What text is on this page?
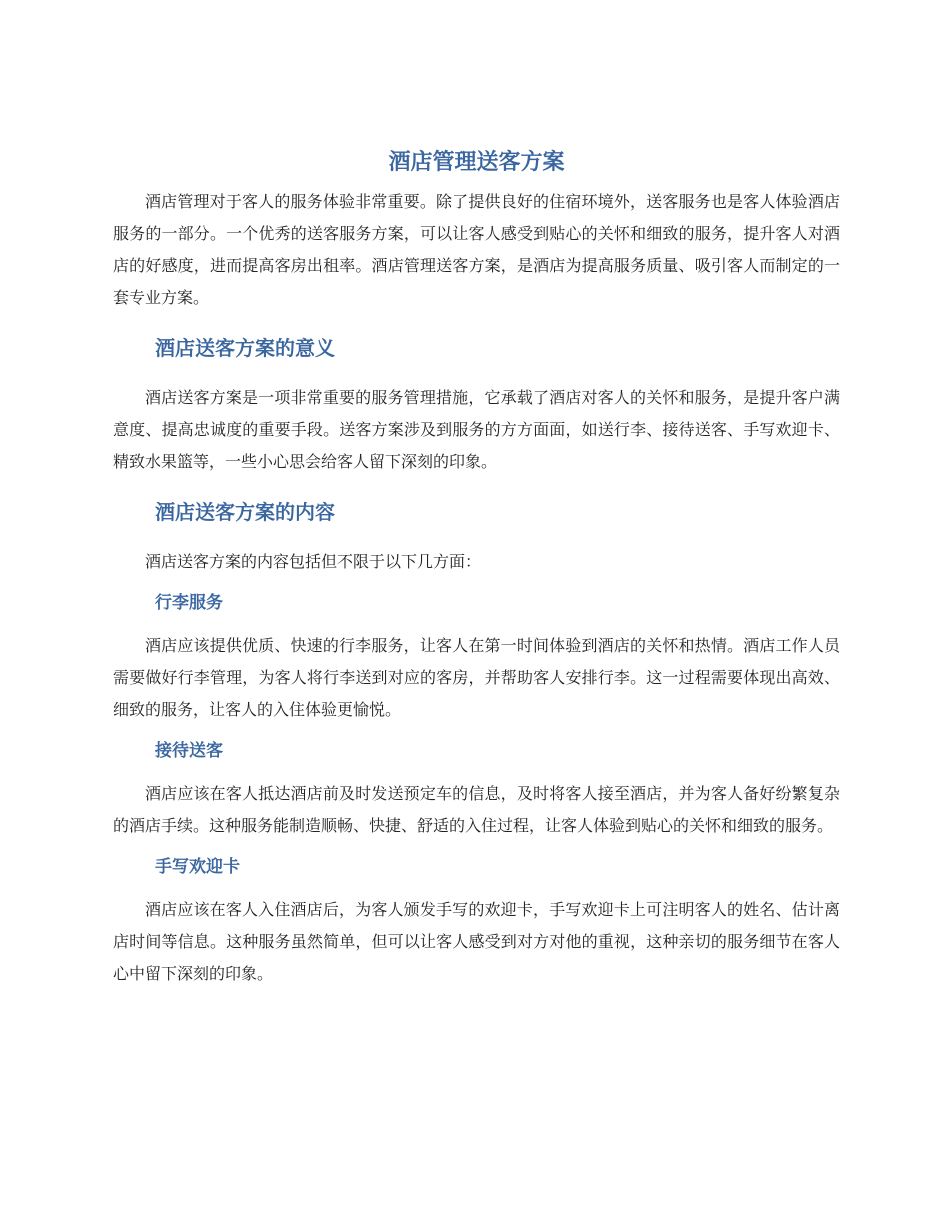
酒店管理送客方案

酒店管理对于客人的服务体验非常重要。除了提供良好的住宿环境外，送客服务也是客人体验酒店服务的一部分。一个优秀的送客服务方案，可以让客人感受到贴心的关怀和细致的服务，提升客人对酒店的好感度，进而提高客房出租率。酒店管理送客方案，是酒店为提高服务质量、吸引客人而制定的一套专业方案。

酒店送客方案的意义

酒店送客方案是一项非常重要的服务管理措施，它承载了酒店对客人的关怀和服务，是提升客户满意度、提高忠诚度的重要手段。送客方案涉及到服务的方方面面，如送行李、接待送客、手写欢迎卡、精致水果篮等，一些小心思会给客人留下深刻的印象。

酒店送客方案的内容

酒店送客方案的内容包括但不限于以下几方面：

行李服务

酒店应该提供优质、快速的行李服务，让客人在第一时间体验到酒店的关怀和热情。酒店工作人员需要做好行李管理，为客人将行李送到对应的客房，并帮助客人安排行李。这一过程需要体现出高效、细致的服务，让客人的入住体验更愉悦。

接待送客

酒店应该在客人抵达酒店前及时发送预定车的信息，及时将客人接至酒店，并为客人备好纷繁复杂的酒店手续。这种服务能制造顺畅、快捷、舒适的入住过程，让客人体验到贴心的关怀和细致的服务。

手写欢迎卡

酒店应该在客人入住酒店后，为客人颁发手写的欢迎卡，手写欢迎卡上可注明客人的姓名、估计离店时间等信息。这种服务虽然简单，但可以让客人感受到对方对他的重视，这种亲切的服务细节在客人心中留下深刻的印象。
